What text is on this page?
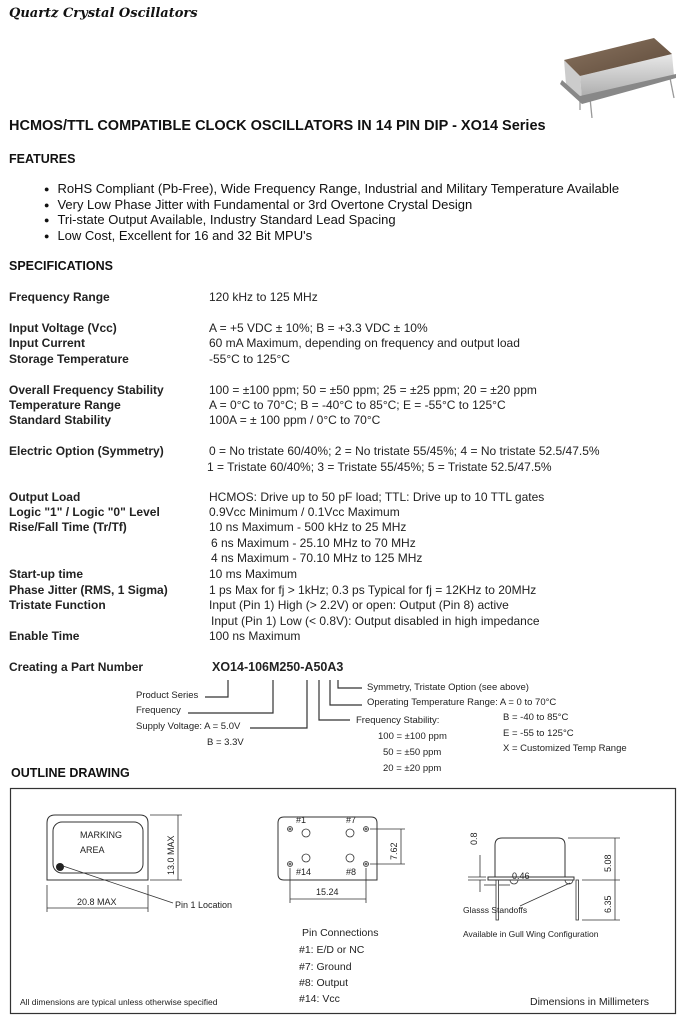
Quartz Crystal Oscillators
HCMOS/TTL COMPATIBLE CLOCK OSCILLATORS IN 14 PIN DIP - XO14 Series
FEATURES
● RoHS Compliant (Pb-Free), Wide Frequency Range, Industrial and Military Temperature Available
● Very Low Phase Jitter with Fundamental or 3rd Overtone Crystal Design
● Tri-state Output Available, Industry Standard Lead Spacing
● Low Cost, Excellent for 16 and 32 Bit MPU's
SPECIFICATIONS
Frequency Range	120 kHz to 125 MHz
Input Voltage (Vcc)	A = +5 VDC ± 10%; B = +3.3 VDC ± 10%
Input Current	60 mA Maximum, depending on frequency and output load
Storage Temperature	-55°C to 125°C
Overall Frequency Stability	100 = ±100 ppm; 50 = ±50 ppm; 25 = ±25 ppm; 20 = ±20 ppm
Temperature Range	A = 0°C to 70°C; B = -40°C to 85°C; E = -55°C to 125°C
Standard Stability	100A = ± 100 ppm / 0°C to 70°C
Electric Option (Symmetry)	0 = No tristate 60/40%; 2 = No tristate 55/45%; 4 = No tristate 52.5/47.5%
1 = Tristate 60/40%; 3 = Tristate 55/45%; 5 = Tristate 52.5/47.5%
Output Load	HCMOS: Drive up to 50 pF load; TTL: Drive up to 10 TTL gates
Logic "1" / Logic "0" Level	0.9Vcc Minimum / 0.1Vcc Maximum
Rise/Fall Time (Tr/Tf)	10 ns Maximum - 500 kHz to 25 MHz
6 ns Maximum - 25.10 MHz to 70 MHz
4 ns Maximum - 70.10 MHz to 125 MHz
Start-up time	10 ms Maximum
Phase Jitter (RMS, 1 Sigma)	1 ps Max for fj > 1kHz; 0.3 ps Typical for fj = 12KHz to 20MHz
Tristate Function	Input (Pin 1) High (> 2.2V) or open: Output (Pin 8) active
Input (Pin 1) Low (< 0.8V): Output disabled in high impedance
Enable Time	100 ns Maximum
Creating a Part Number	XO14-106M250-A50A3
Product Series
Frequency
Supply Voltage: A = 5.0V
B = 3.3V
Symmetry, Tristate Option (see above)
Operating Temperature Range: A = 0 to 70°C
B = -40 to 85°C
E = -55 to 125°C
X = Customized Temp Range
Frequency Stability:
100 = ±100 ppm
50 = ±50 ppm
20 = ±20 ppm
OUTLINE DRAWING
MARKING
AREA	13.0 MAX
20.8 MAX	Pin 1 Location
#1	#7
#14	#8
7.62
15.24
0.8
0.46
5.08
6.35
Glasss Standoffs
Available in Gull Wing Configuration
Pin Connections
#1: E/D or NC
#7: Ground
#8: Output
#14: Vcc
All dimensions are typical unless otherwise specified	Dimensions in Millimeters
